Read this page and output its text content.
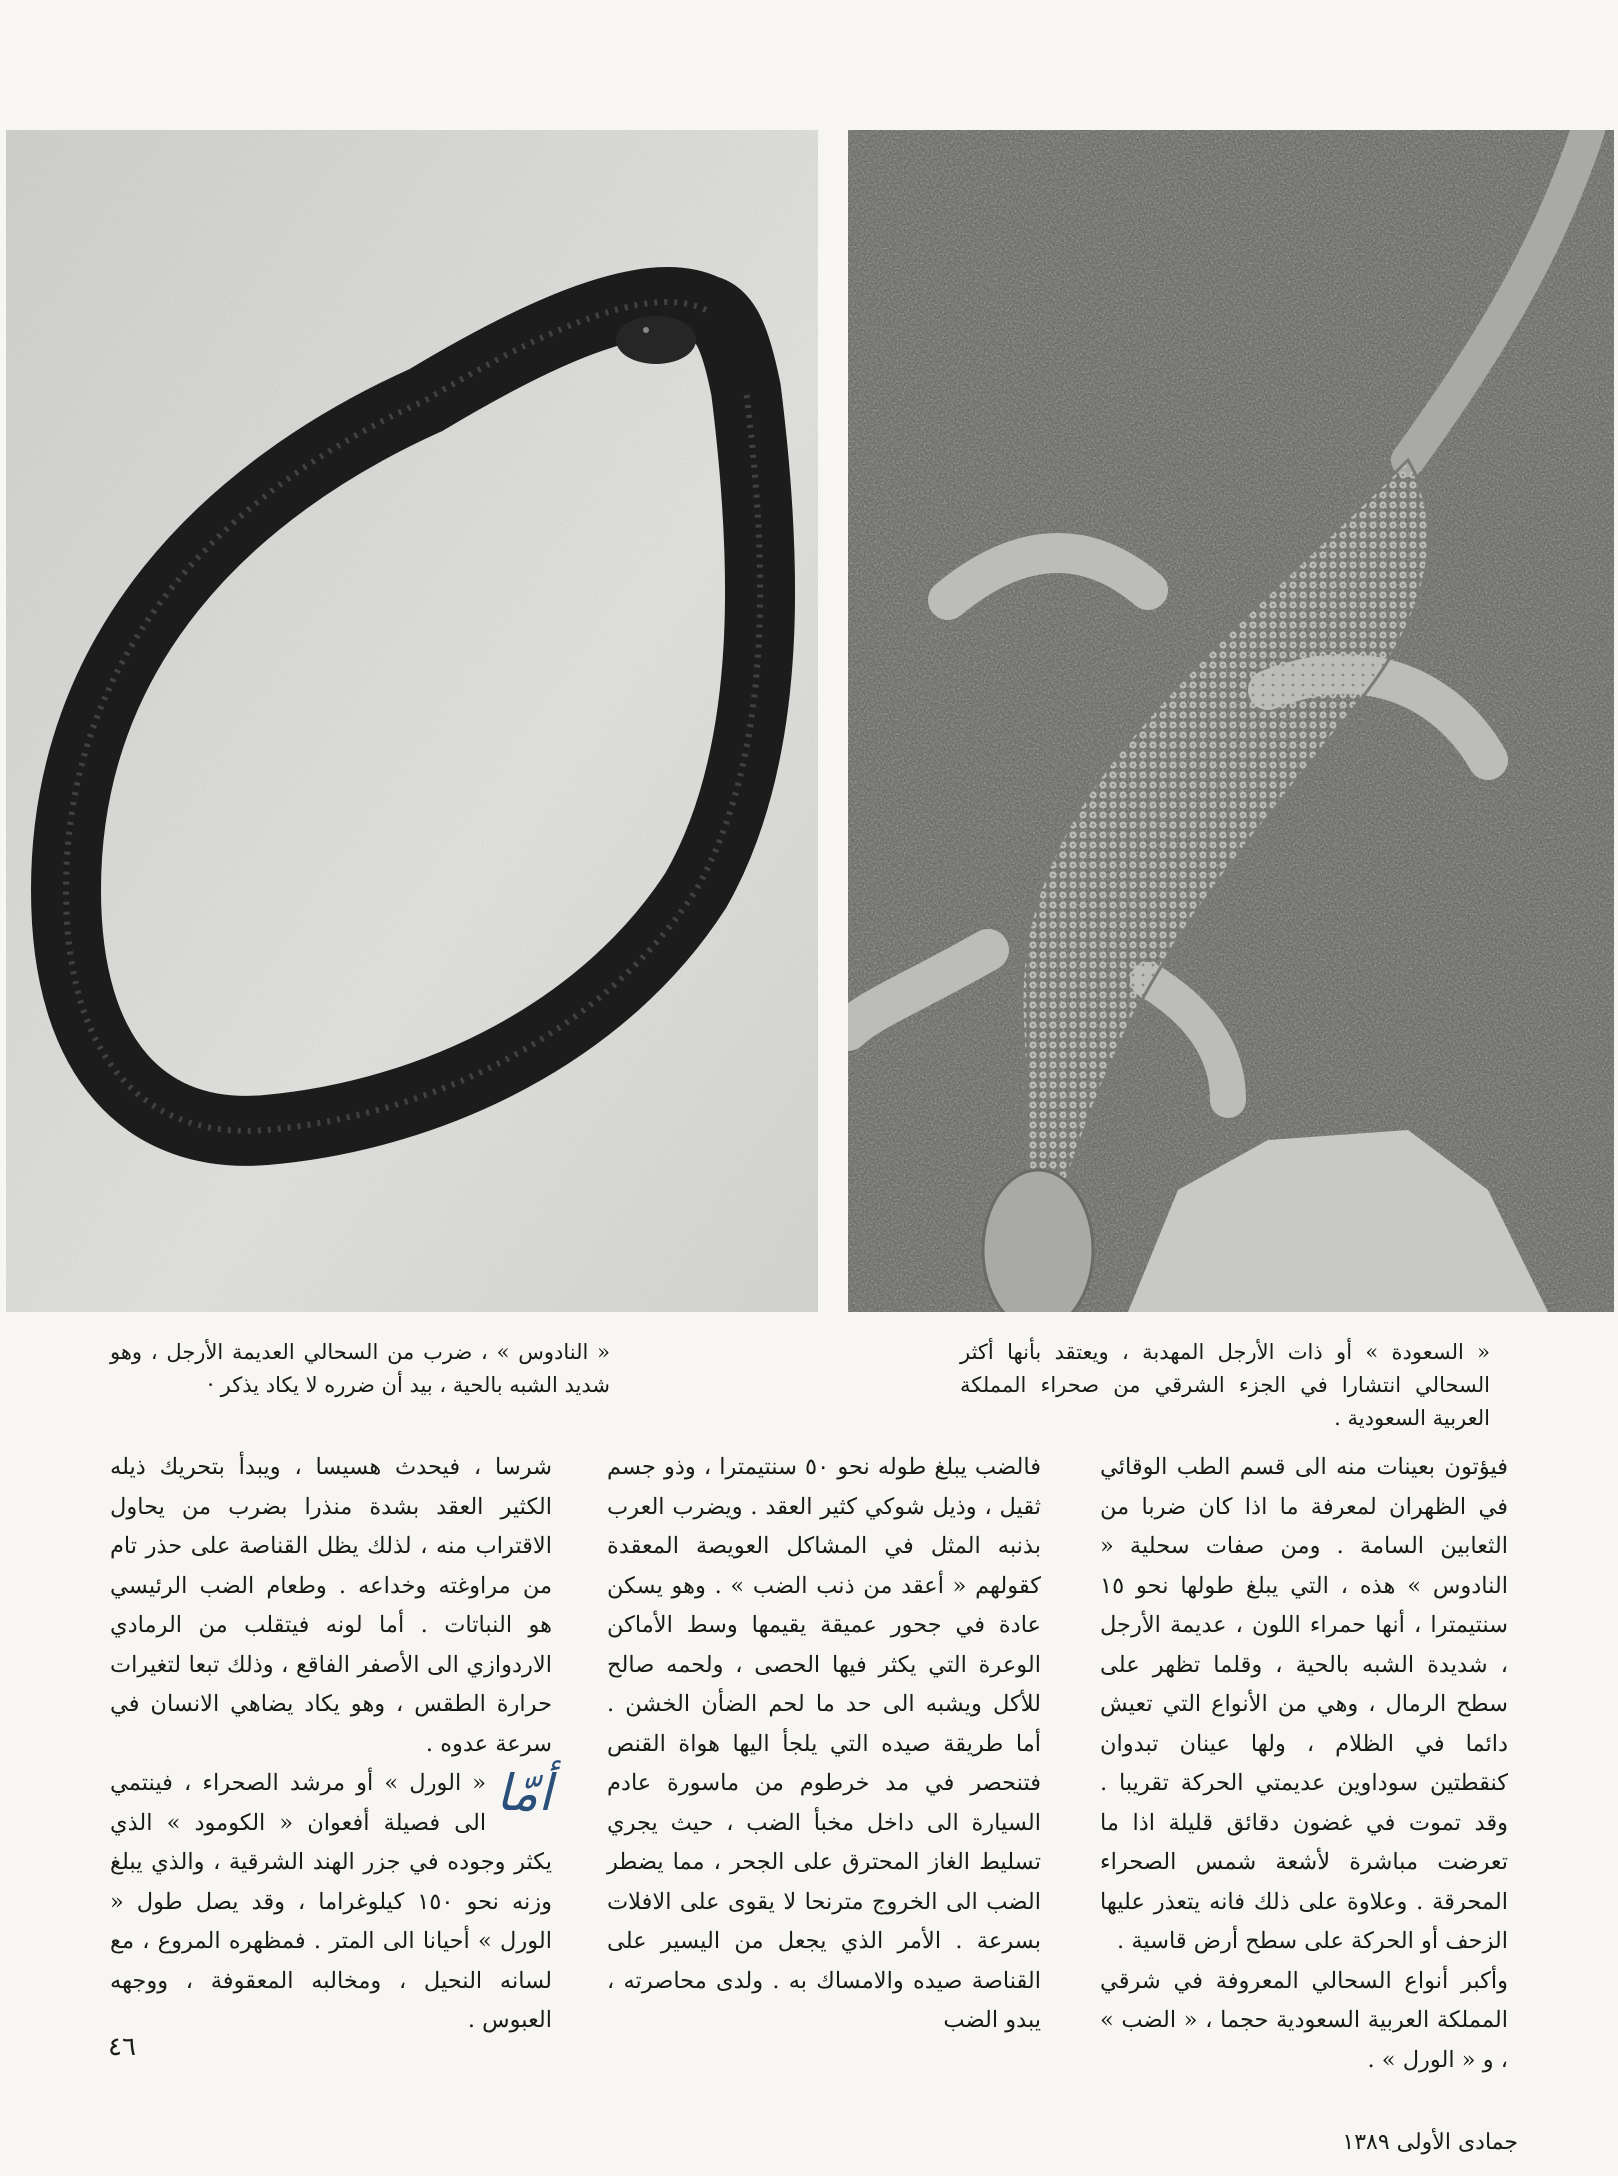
« النادوس » ، ضرب من السحالي العديمة الأرجل ، وهو شديد الشبه بالحية ، بيد أن ضرره لا يكاد يذكر ·

« السعودة » أو ذات الأرجل المهدبة ، ويعتقد بأنها أكثر السحالي انتشارا في الجزء الشرقي من صحراء المملكة العربية السعودية .

فيؤتون بعينات منه الى قسم الطب الوقائي في الظهران لمعرفة ما اذا كان ضربا من الثعابين السامة . ومن صفات سحلية « النادوس » هذه ، التي يبلغ طولها نحو ١٥ سنتيمترا ، أنها حمراء اللون ، عديمة الأرجل ، شديدة الشبه بالحية ، وقلما تظهر على سطح الرمال ، وهي من الأنواع التي تعيش دائما في الظلام ، ولها عينان تبدوان كنقطتين سوداوين عديمتي الحركة تقريبا . وقد تموت في غضون دقائق قليلة اذا ما تعرضت مباشرة لأشعة شمس الصحراء المحرقة . وعلاوة على ذلك فانه يتعذر عليها الزحف أو الحركة على سطح أرض قاسية .

وأكبر أنواع السحالي المعروفة في شرقي المملكة العربية السعودية حجما ، « الضب » ، و « الورل » .

فالضب يبلغ طوله نحو ٥٠ سنتيمترا ، وذو جسم ثقيل ، وذيل شوكي كثير العقد . ويضرب العرب بذنبه المثل في المشاكل العويصة المعقدة كقولهم « أعقد من ذنب الضب » . وهو يسكن عادة في جحور عميقة يقيمها وسط الأماكن الوعرة التي يكثر فيها الحصى ، ولحمه صالح للأكل ويشبه الى حد ما لحم الضأن الخشن . أما طريقة صيده التي يلجأ اليها هواة القنص فتنحصر في مد خرطوم من ماسورة عادم السيارة الى داخل مخبأ الضب ، حيث يجري تسليط الغاز المحترق على الجحر ، مما يضطر الضب الى الخروج مترنحا لا يقوى على الافلات بسرعة . الأمر الذي يجعل من اليسير على القناصة صيده والامساك به . ولدى محاصرته ، يبدو الضب

شرسا ، فيحدث هسيسا ، ويبدأ بتحريك ذيله الكثير العقد بشدة منذرا بضرب من يحاول الاقتراب منه ، لذلك يظل القناصة على حذر تام من مراوغته وخداعه . وطعام الضب الرئيسي هو النباتات . أما لونه فيتقلب من الرمادي الاردوازي الى الأصفر الفاقع ، وذلك تبعا لتغيرات حرارة الطقس ، وهو يكاد يضاهي الانسان في سرعة عدوه .

أمّا
« الورل » أو مرشد الصحراء ، فينتمي الى فصيلة أفعوان « الكومود » الذي يكثر وجوده في جزر الهند الشرقية ، والذي يبلغ وزنه نحو ١٥٠ كيلوغراما ، وقد يصل طول « الورل » أحيانا الى المتر . فمظهره المروع ، مع لسانه النحيل ، ومخالبه المعقوفة ، ووجهه العبوس .

٤٦
جمادى الأولى ١٣٨٩
